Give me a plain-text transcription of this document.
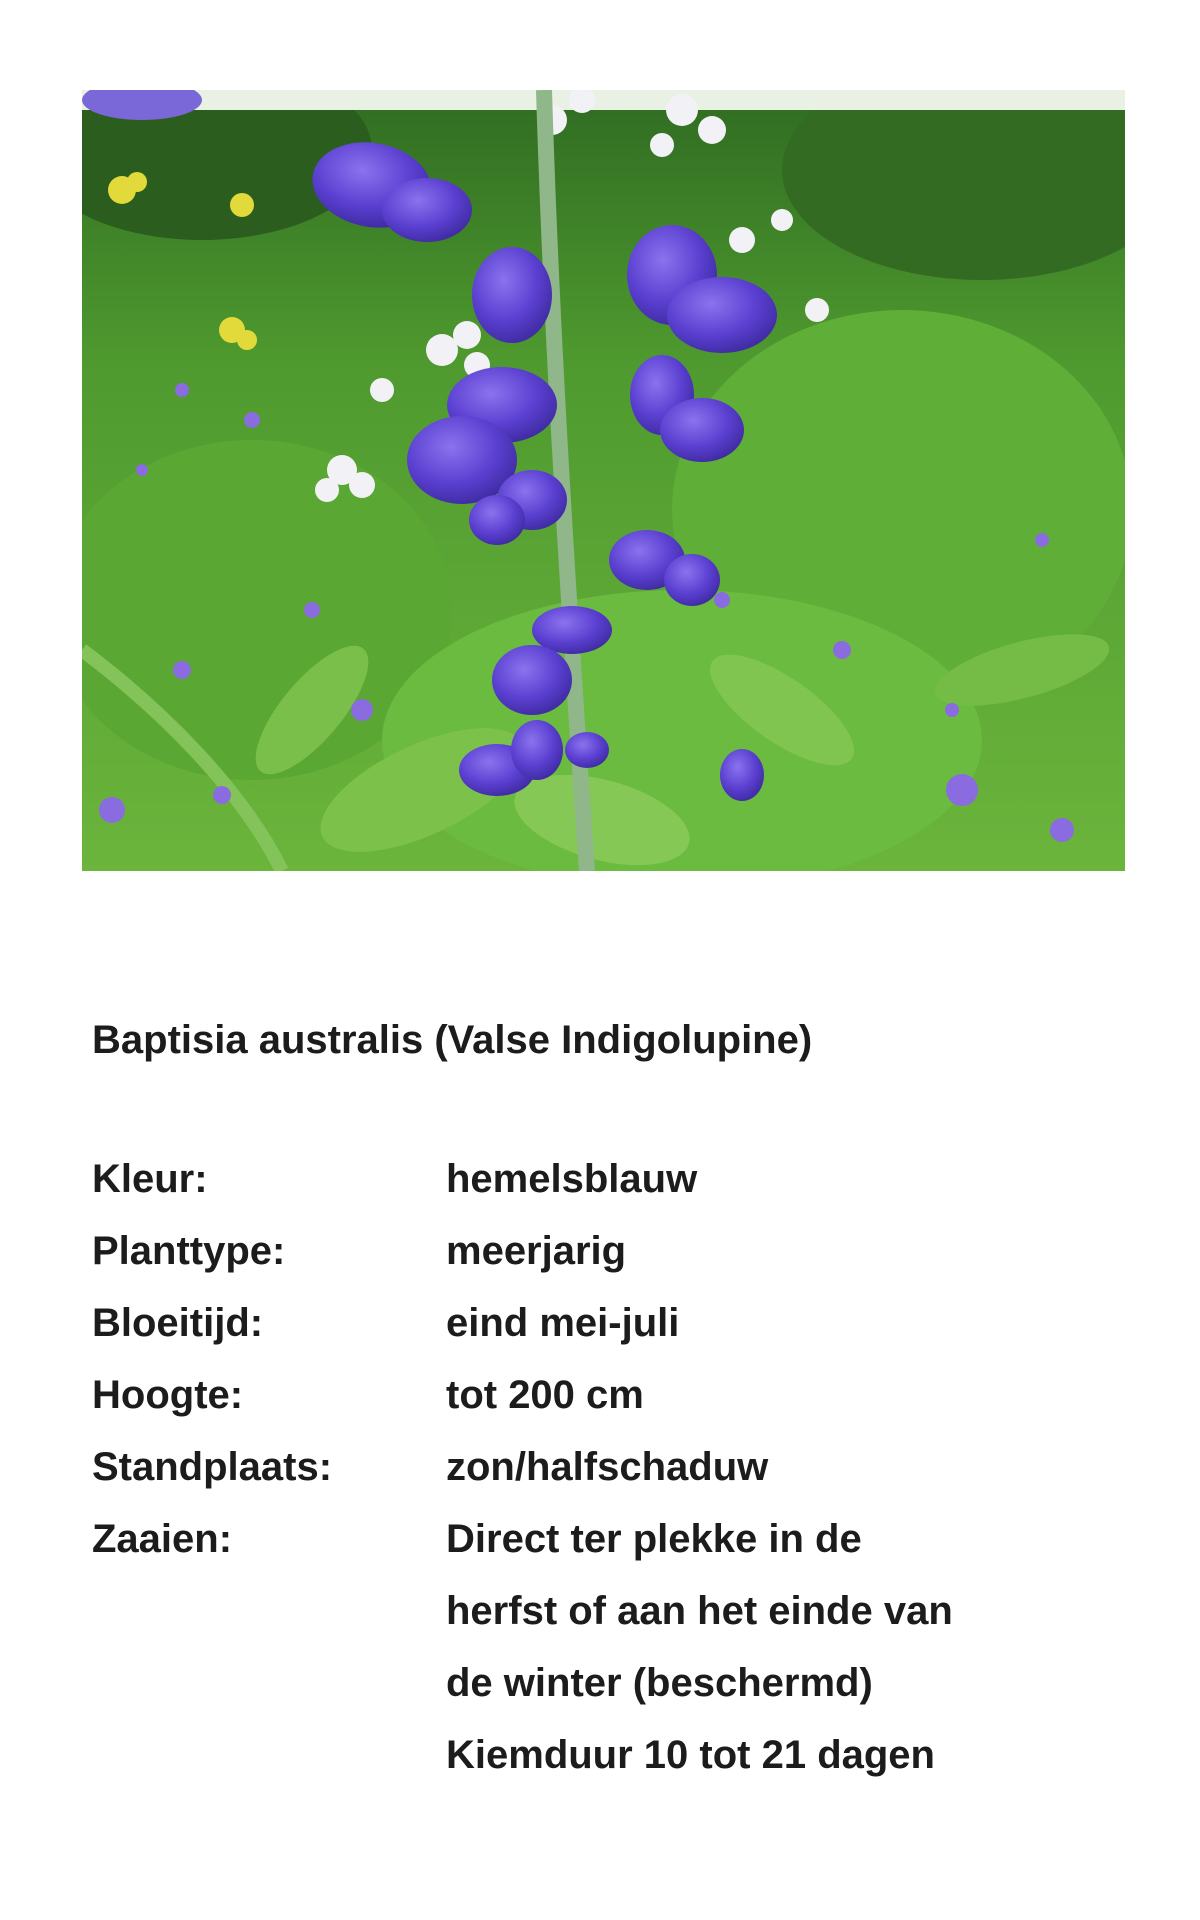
Baptisia australis (Valse Indigolupine)
Kleur:	hemelsblauw
Planttype:	meerjarig
Bloeitijd:	eind mei-juli
Hoogte:	tot 200 cm
Standplaats:	zon/halfschaduw
Zaaien:	Direct ter plekke in de
herfst of aan het einde van
de winter (beschermd)
Kiemduur 10 tot 21 dagen
